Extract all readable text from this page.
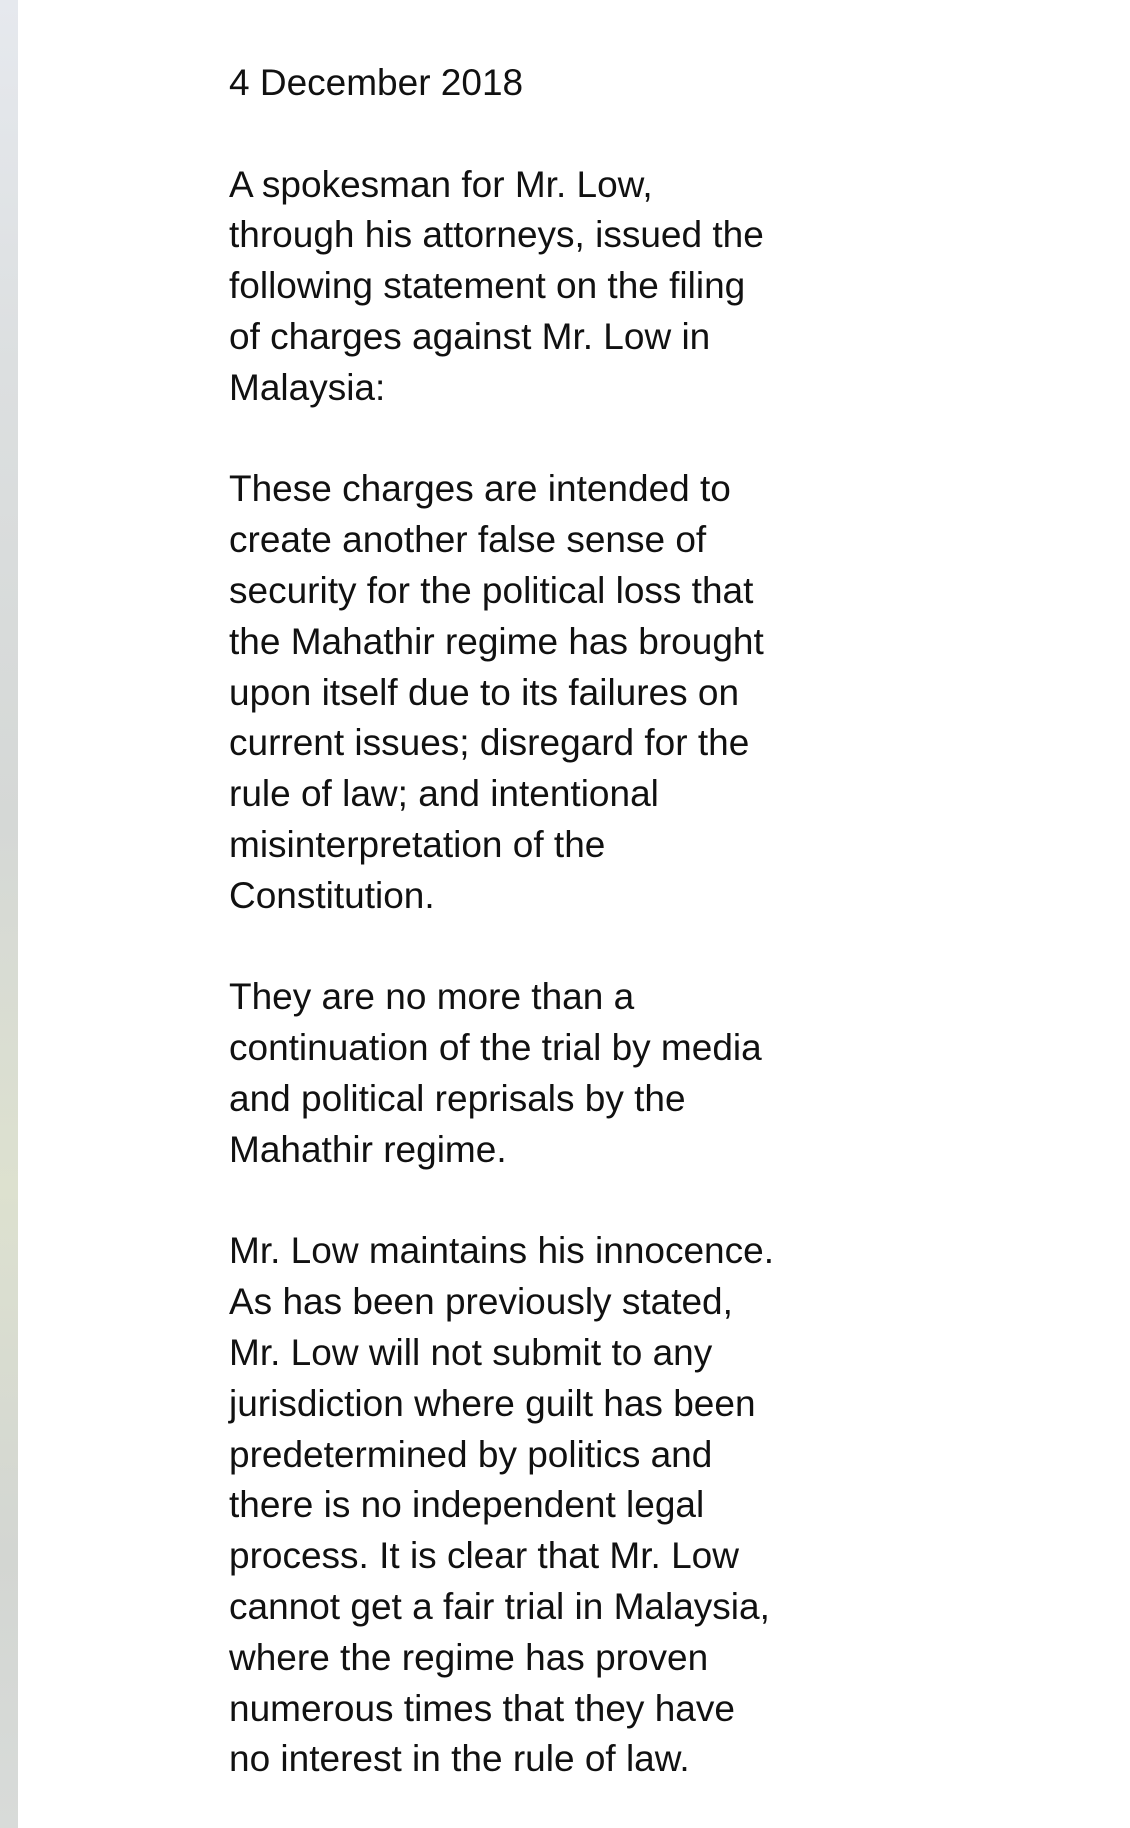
4 December 2018

A spokesman for Mr. Low,
through his attorneys, issued the
following statement on the filing
of charges against Mr. Low in
Malaysia:

These charges are intended to
create another false sense of
security for the political loss that
the Mahathir regime has brought
upon itself due to its failures on
current issues; disregard for the
rule of law; and intentional
misinterpretation of the
Constitution.

They are no more than a
continuation of the trial by media
and political reprisals by the
Mahathir regime.

Mr. Low maintains his innocence.
As has been previously stated,
Mr. Low will not submit to any
jurisdiction where guilt has been
predetermined by politics and
there is no independent legal
process. It is clear that Mr. Low
cannot get a fair trial in Malaysia,
where the regime has proven
numerous times that they have
no interest in the rule of law.
